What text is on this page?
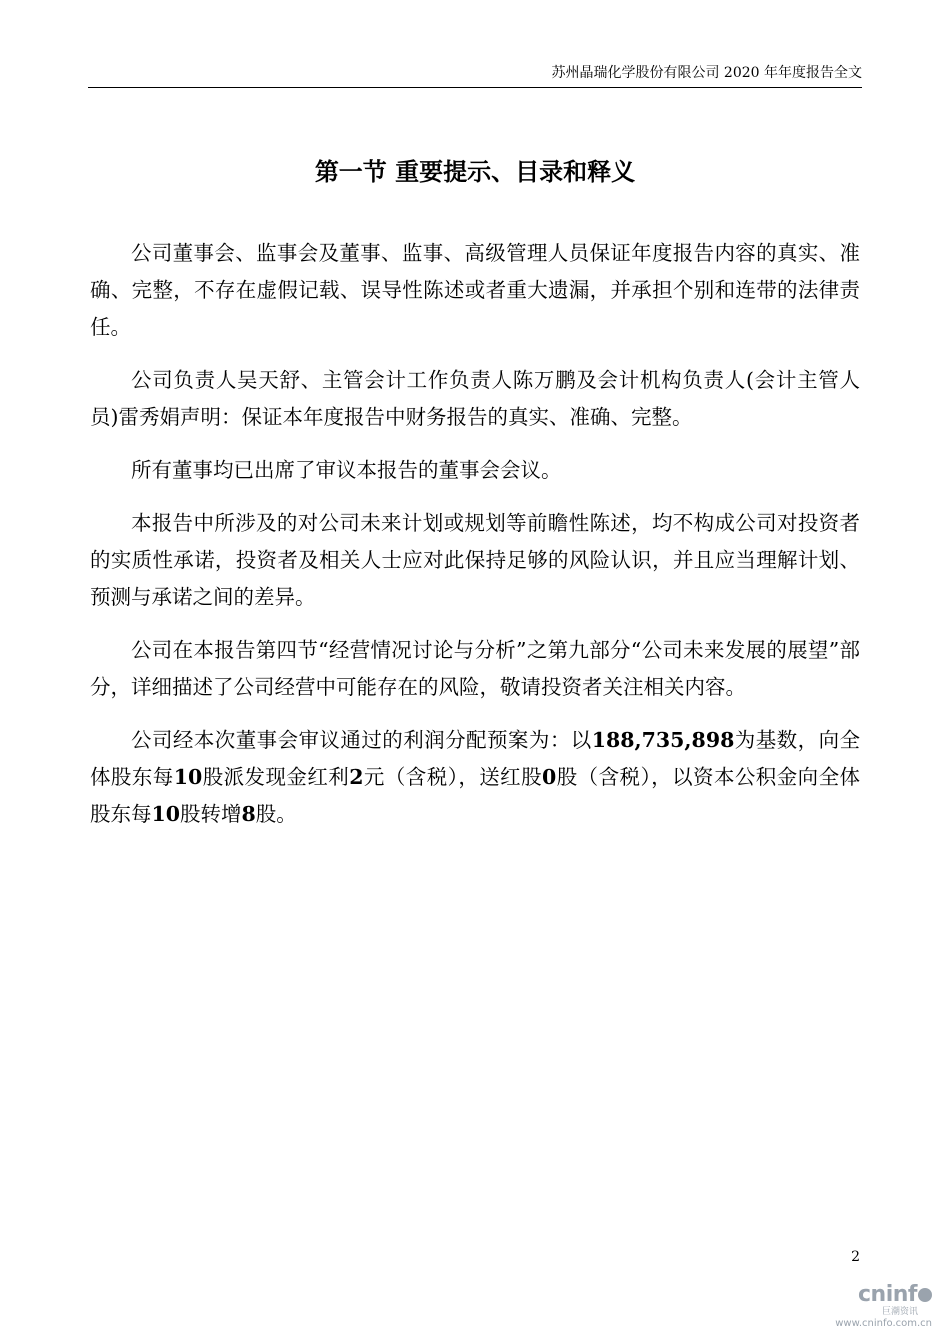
苏州晶瑞化学股份有限公司 2020 年年度报告全文
第一节 重要提示、目录和释义

公司董事会、监事会及董事、监事、高级管理人员保证年度报告内容的真实、准确、完整，不存在虚假记载、误导性陈述或者重大遗漏，并承担个别和连带的法律责任。

公司负责人吴天舒、主管会计工作负责人陈万鹏及会计机构负责人(会计主管人员)雷秀娟声明：保证本年度报告中财务报告的真实、准确、完整。

所有董事均已出席了审议本报告的董事会会议。

本报告中所涉及的对公司未来计划或规划等前瞻性陈述，均不构成公司对投资者的实质性承诺，投资者及相关人士应对此保持足够的风险认识，并且应当理解计划、预测与承诺之间的差异。

公司在本报告第四节“经营情况讨论与分析”之第九部分“公司未来发展的展望”部分，详细描述了公司经营中可能存在的风险，敬请投资者关注相关内容。

公司经本次董事会审议通过的利润分配预案为：以188,735,898为基数，向全体股东每10股派发现金红利2元（含税），送红股0股（含税），以资本公积金向全体股东每10股转增8股。

2
cninf
巨潮资讯
www.cninfo.com.cn
